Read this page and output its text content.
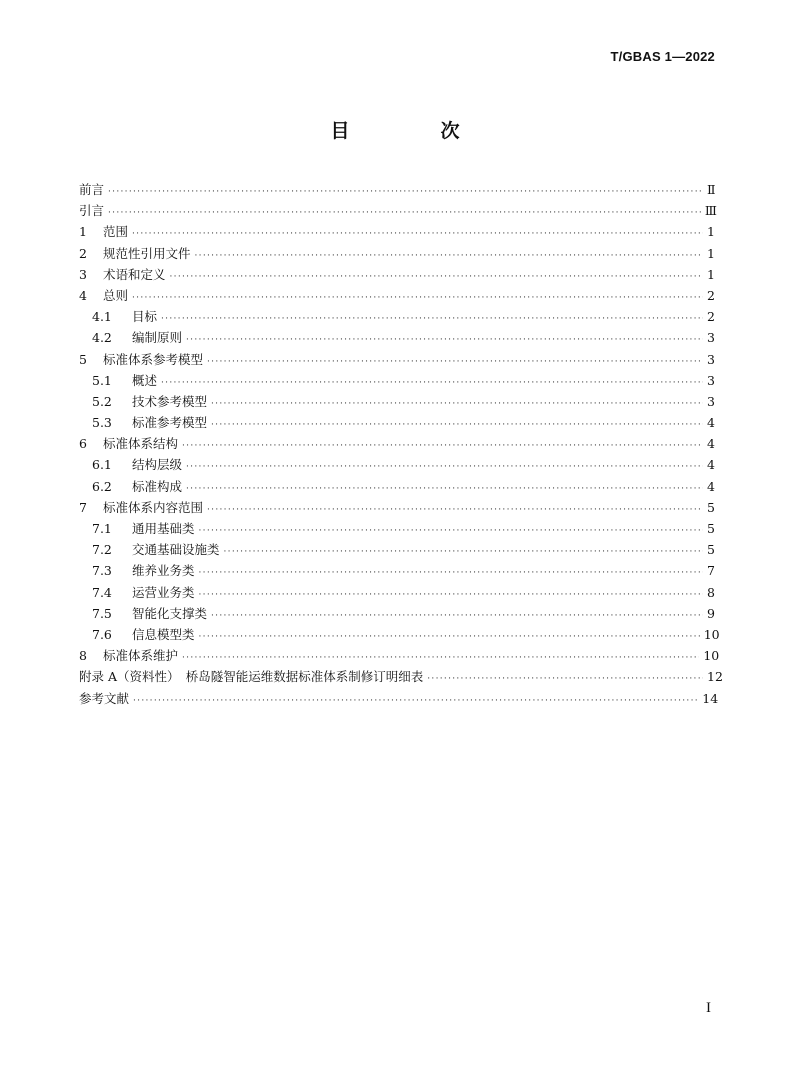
T/GBAS 1—2022
目　次
前言 ·····	Ⅱ
引言 ·····	Ⅲ
1	范围 ·····	1
2	规范性引用文件 ·····	1
3	术语和定义 ·····	1
4	总则 ·····	2
4.1	目标 ·····	2
4.2	编制原则 ·····	3
5	标准体系参考模型 ·····	3
5.1	概述 ·····	3
5.2	技术参考模型 ·····	3
5.3	标准参考模型 ·····	4
6	标准体系结构 ·····	4
6.1	结构层级 ·····	4
6.2	标准构成 ·····	4
7	标准体系内容范围 ·····	5
7.1	通用基础类 ·····	5
7.2	交通基础设施类 ·····	5
7.3	维养业务类 ·····	7
7.4	运营业务类 ·····	8
7.5	智能化支撑类 ·····	9
7.6	信息模型类 ·····	10
8	标准体系维护 ·····	10
附录 A（资料性）　桥岛隧智能运维数据标准体系制修订明细表 ·····	12
参考文献 ·····	14
I
